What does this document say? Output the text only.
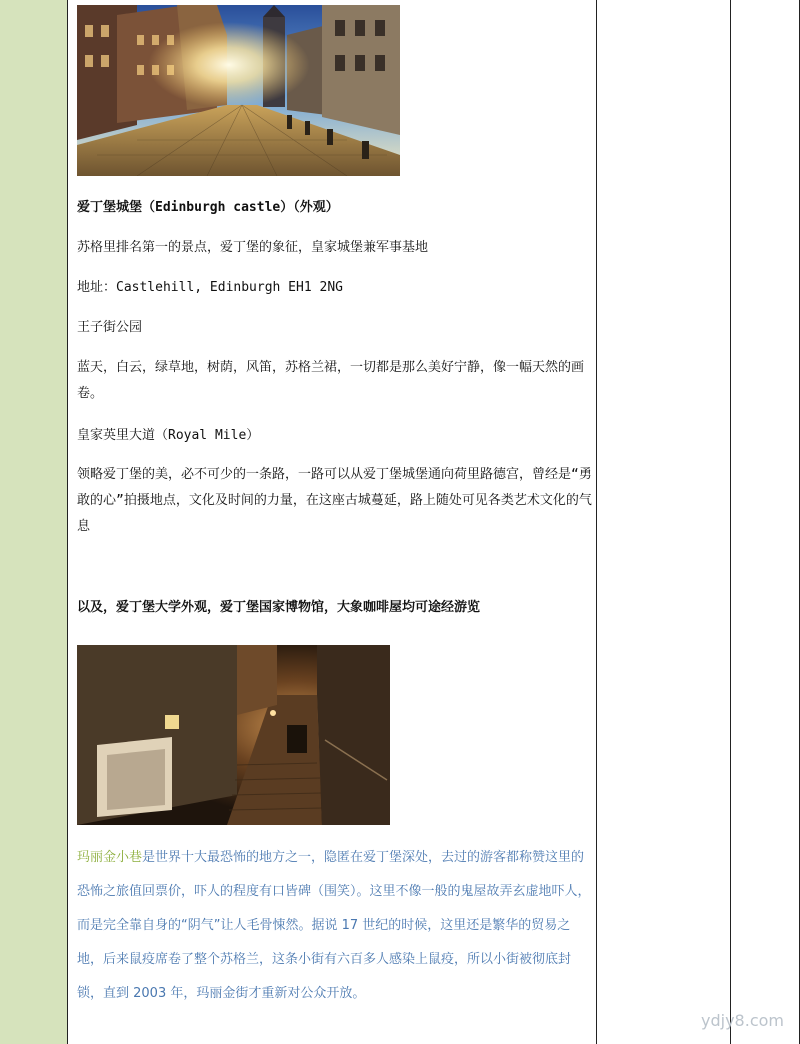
爱丁堡城堡（Edinburgh castle）（外观）
苏格里排名第一的景点，爱丁堡的象征，皇家城堡兼军事基地
地址：Castlehill, Edinburgh EH1 2NG
王子街公园
蓝天，白云，绿草地，树荫，风笛，苏格兰裙，一切都是那么美好宁静，像一幅天然的画卷。
皇家英里大道（Royal Mile）
领略爱丁堡的美，必不可少的一条路，一路可以从爱丁堡城堡通向荷里路德宫，曾经是“勇敢的心”拍摄地点，文化及时间的力量，在这座古城蔓延，路上随处可见各类艺术文化的气息
以及，爱丁堡大学外观，爱丁堡国家博物馆，大象咖啡屋均可途经游览
玛丽金小巷是世界十大最恐怖的地方之一，隐匿在爱丁堡深处，去过的游客都称赞这里的恐怖之旅值回票价，吓人的程度有口皆碑（围笑）。这里不像一般的鬼屋故弄玄虚地吓人，而是完全靠自身的“阴气”让人毛骨悚然。据说 17 世纪的时候，这里还是繁华的贸易之地，后来鼠疫席卷了整个苏格兰，这条小街有六百多人感染上鼠疫，所以小街被彻底封锁，直到 2003 年，玛丽金街才重新对公众开放。
ydjy8.com
